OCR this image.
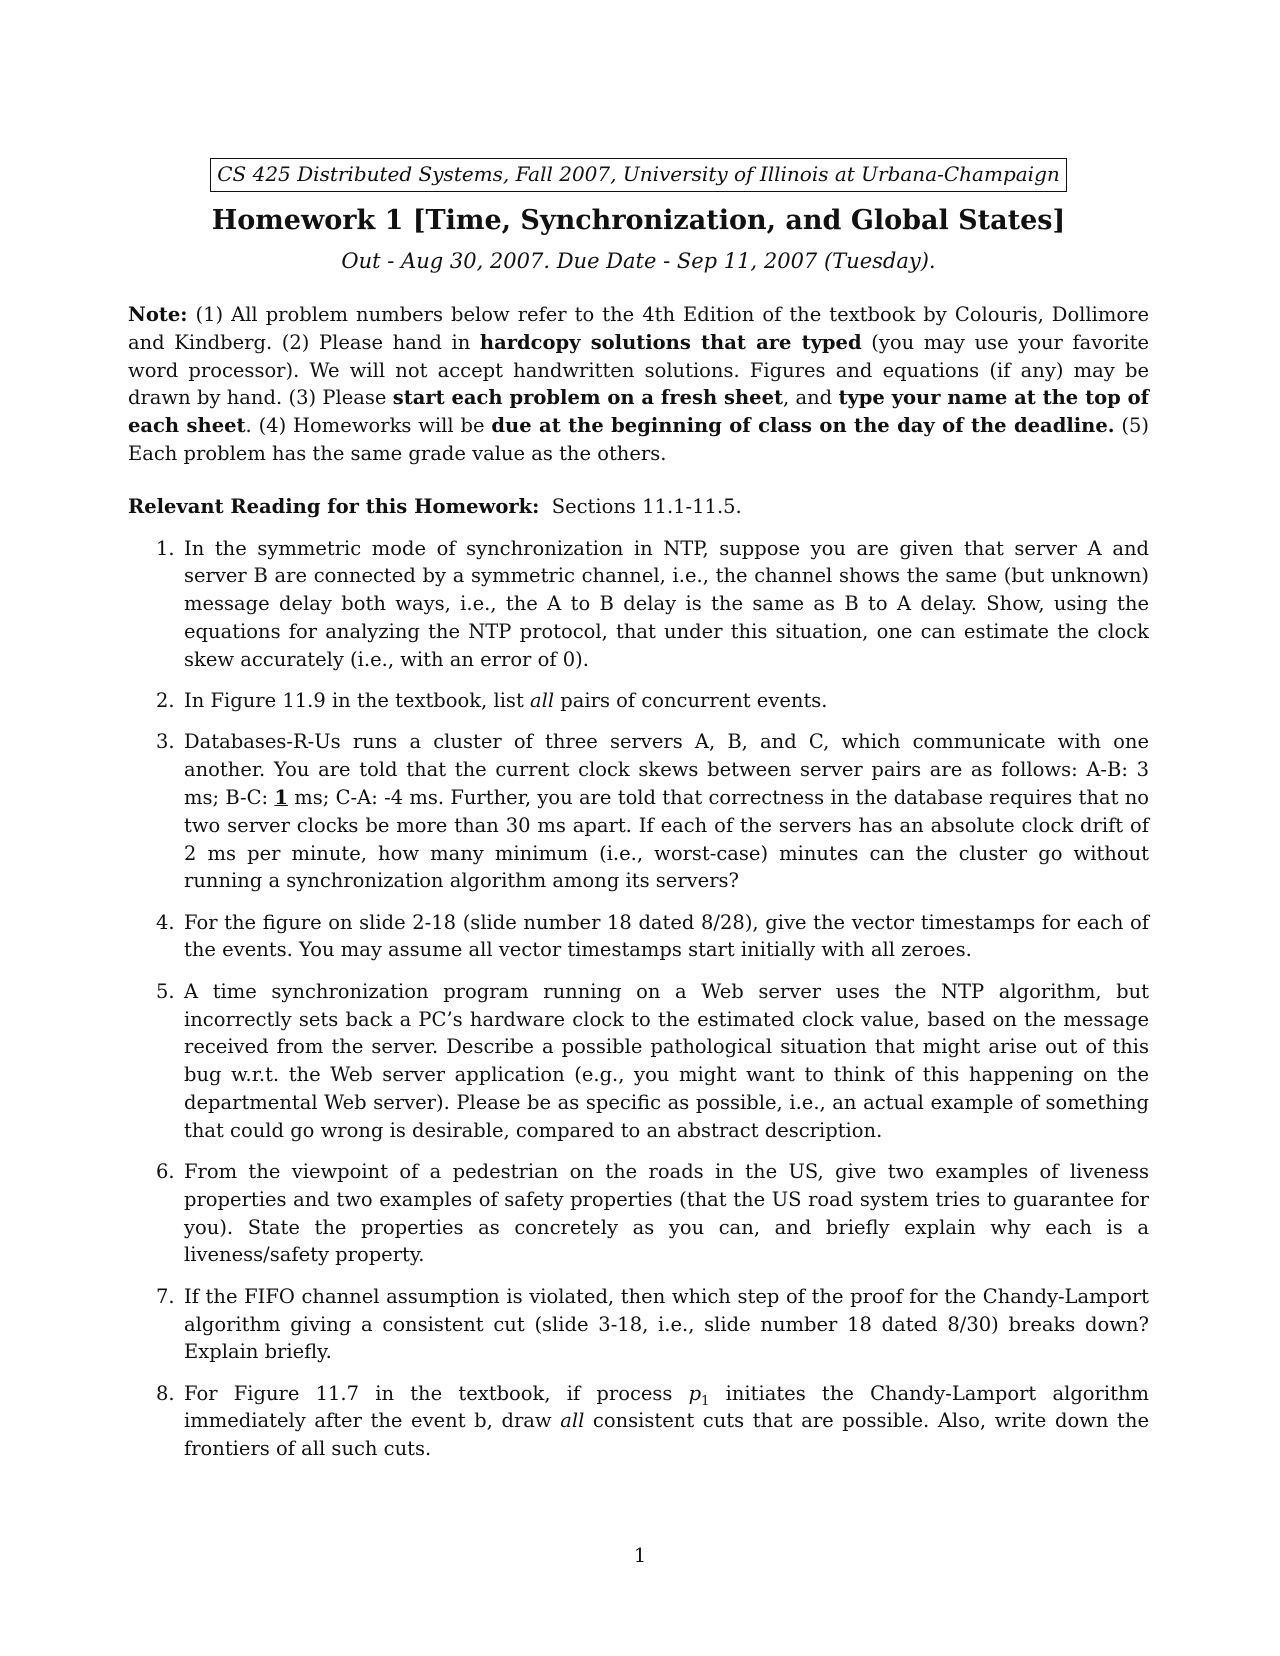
CS 425 Distributed Systems, Fall 2007, University of Illinois at Urbana-Champaign
Homework 1 [Time, Synchronization, and Global States]
Out - Aug 30, 2007. Due Date - Sep 11, 2007 (Tuesday).

Note: (1) All problem numbers below refer to the 4th Edition of the textbook by Colouris, Dollimore and Kindberg. (2) Please hand in hardcopy solutions that are typed (you may use your favorite word processor). We will not accept handwritten solutions. Figures and equations (if any) may be drawn by hand. (3) Please start each problem on a fresh sheet, and type your name at the top of each sheet. (4) Homeworks will be due at the beginning of class on the day of the deadline. (5) Each problem has the same grade value as the others.

Relevant Reading for this Homework: Sections 11.1-11.5.
1. In the symmetric mode of synchronization in NTP, suppose you are given that server A and server B are connected by a symmetric channel, i.e., the channel shows the same (but unknown) message delay both ways, i.e., the A to B delay is the same as B to A delay. Show, using the equations for analyzing the NTP protocol, that under this situation, one can estimate the clock skew accurately (i.e., with an error of 0).
2. In Figure 11.9 in the textbook, list all pairs of concurrent events.
3. Databases-R-Us runs a cluster of three servers A, B, and C, which communicate with one another. You are told that the current clock skews between server pairs are as follows: A-B: 3 ms; B-C: 1 ms; C-A: -4 ms. Further, you are told that correctness in the database requires that no two server clocks be more than 30 ms apart. If each of the servers has an absolute clock drift of 2 ms per minute, how many minimum (i.e., worst-case) minutes can the cluster go without running a synchronization algorithm among its servers?
4. For the figure on slide 2-18 (slide number 18 dated 8/28), give the vector timestamps for each of the events. You may assume all vector timestamps start initially with all zeroes.
5. A time synchronization program running on a Web server uses the NTP algorithm, but incorrectly sets back a PC’s hardware clock to the estimated clock value, based on the message received from the server. Describe a possible pathological situation that might arise out of this bug w.r.t. the Web server application (e.g., you might want to think of this happening on the departmental Web server). Please be as specific as possible, i.e., an actual example of something that could go wrong is desirable, compared to an abstract description.
6. From the viewpoint of a pedestrian on the roads in the US, give two examples of liveness properties and two examples of safety properties (that the US road system tries to guarantee for you). State the properties as concretely as you can, and briefly explain why each is a liveness/safety property.
7. If the FIFO channel assumption is violated, then which step of the proof for the Chandy-Lamport algorithm giving a consistent cut (slide 3-18, i.e., slide number 18 dated 8/30) breaks down? Explain briefly.
8. For Figure 11.7 in the textbook, if process $p_1$ initiates the Chandy-Lamport algorithm immediately after the event b, draw all consistent cuts that are possible. Also, write down the frontiers of all such cuts.
1
